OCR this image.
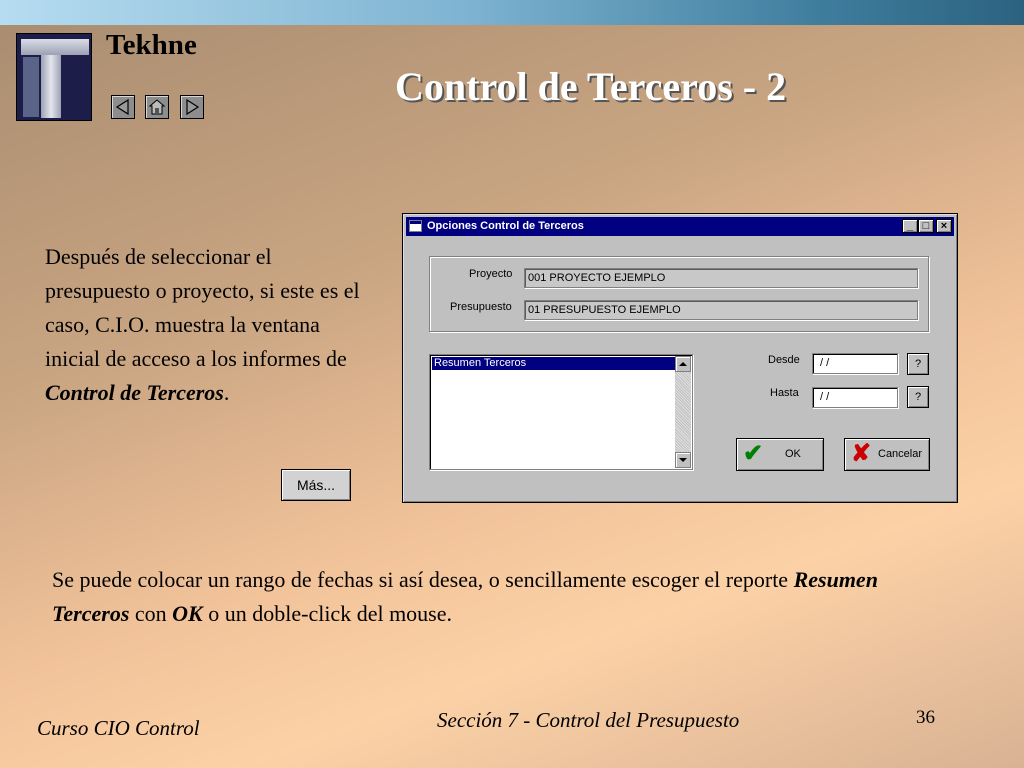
Tekhne
Control de Terceros - 2
Después de seleccionar el presupuesto o proyecto, si este es el caso, C.I.O. muestra la ventana inicial de acceso a los informes de Control de Terceros.
Más...
Opciones Control de Terceros	_ □	×
Proyecto	001 PROYECTO EJEMPLO
Presupuesto	01 PRESUPUESTO EJEMPLO
Resumen Terceros	Desde	/ /	?
Hasta	/ /	?
✔ OK ✘ Cancelar
Se puede colocar un rango de fechas si así desea, o sencillamente escoger el reporte Resumen Terceros con OK o un doble-click del mouse.
Curso CIO Control	Sección 7 - Control del Presupuesto	36
